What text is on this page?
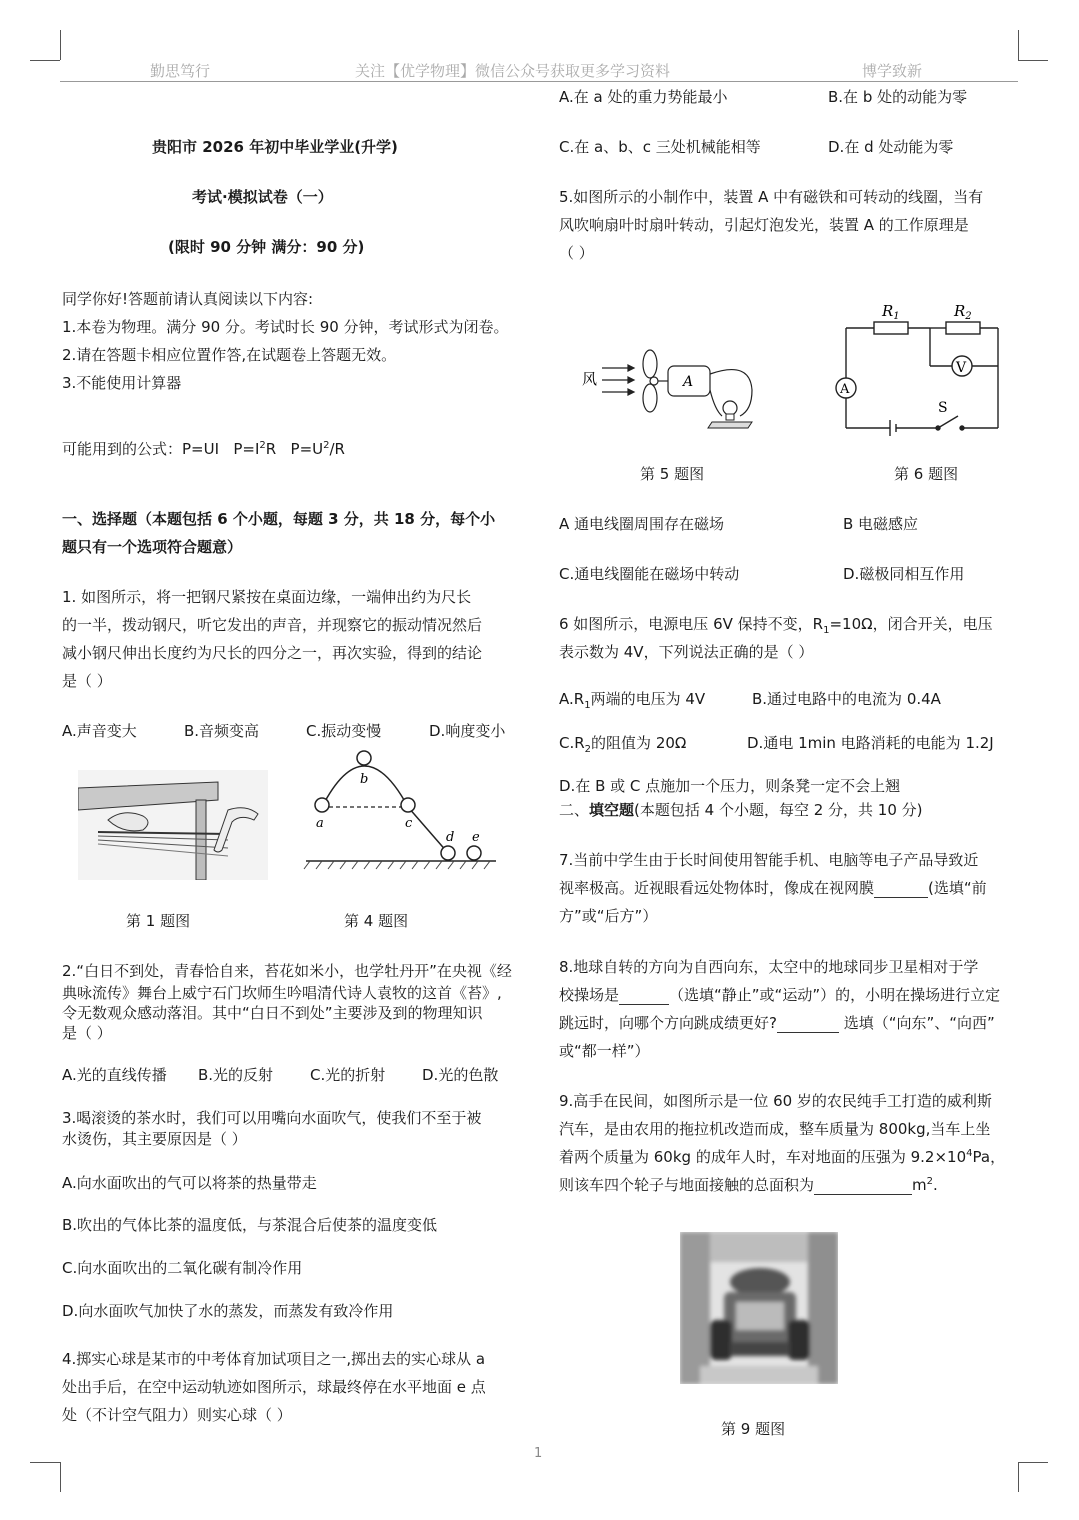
勤思笃行	关注【优学物理】微信公众号获取更多学习资料	博学致新
贵阳市 2026 年初中毕业学业(升学)
考试·模拟试卷（一）
(限时 90 分钟 满分：90 分)
同学你好!答题前请认真阅读以下内容:
1.本卷为物理。满分 90 分。考试时长 90 分钟，考试形式为闭卷。
2.请在答题卡相应位置作答,在试题卷上答题无效。
3.不能使用计算器
可能用到的公式：P=UI $P=I^2R$ $P=U^2/R$
一、选择题（本题包括 6 个小题，每题 3 分，共 18 分，每个小
题只有一个选项符合题意）
1. 如图所示，将一把钢尺紧按在桌面边缘，一端伸出约为尺长
的一半，拨动钢尺，听它发出的声音，并现察它的振动情况然后
减小钢尺伸出长度约为尺长的四分之一，再次实验，得到的结论
是（ ）
A.声音变大	B.音频变高	C.振动变慢	D.响度变小
第 1 题图
a
b
c
d e
第 4 题图
2.“白日不到处，青春恰自来，苔花如米小，也学牡丹开”在央视《经
典咏流传》舞台上威宁石门坎师生吟唱清代诗人袁牧的这首《苔》,
令无数观众感动落泪。其中“白日不到处”主要涉及到的物理知识
是（ ）
A.光的直线传播 B.光的反射 C.光的折射 D.光的色散
3.喝滚烫的茶水时，我们可以用嘴向水面吹气，使我们不至于被
水烫伤，其主要原因是（ ）
A.向水面吹出的气可以将茶的热量带走
B.吹出的气体比茶的温度低，与茶混合后使茶的温度变低
C.向水面吹出的二氧化碳有制冷作用
D.向水面吹气加快了水的蒸发，而蒸发有致冷作用
4.掷实心球是某市的中考体育加试项目之一,掷出去的实心球从 a
处出手后，在空中运动轨迹如图所示，球最终停在水平地面 e 点
处（不计空气阻力）则实心球（ ）
A.在 a 处的重力势能最小	B.在 b 处的动能为零
C.在 a、b、c 三处机械能相等	D.在 d 处动能为零
5.如图所示的小制作中，装置 A 中有磁铁和可转动的线圈，当有
风吹响扇叶时扇叶转动，引起灯泡发光，装置 A 的工作原理是
（ ）
风	A
第 5 题图
$R_1$	$R_2$
V
A
S
第 6 题图
A 通电线圈周围存在磁场	B 电磁感应
C.通电线圈能在磁场中转动	D.磁极同相互作用
6 如图所示，电源电压 6V 保持不变，$R_1=10\Omega$，闭合开关，电压
表示数为 4V，下列说法正确的是（ ）
$A.R_1$两端的电压为 4V	B.通过电路中的电流为 0.4A
$C.R_2$的阻值为 20Ω	D.通电 1min 电路消耗的电能为 1.2J
D.在 B 或 C 点施加一个压力，则条凳一定不会上翘
二、填空题(本题包括 4 个小题，每空 2 分，共 10 分)
7.当前中学生由于长时间使用智能手机、电脑等电子产品导致近
视率极高。近视眼看远处物体时，像成在视网膜	(选填“前
方”或“后方”）
8.地球自转的方向为自西向东，太空中的地球同步卫星相对于学
校操场是	（选填“静止”或“运动”）的，小明在操场进行立定
跳远时，向哪个方向跳成绩更好?	选填（“向东”、“向西”
或“都一样”）
9.高手在民间，如图所示是一位 60 岁的农民纯手工打造的威利斯
汽车，是由农用的拖拉机改造而成，整车质量为 800kg,当车上坐
着两个质量为 60kg 的成年人时，车对地面的压强为 $9.2\times 10^4Pa$，
则该车四个轮子与地面接触的总面积为	$m^2$.
第 9 题图
1
